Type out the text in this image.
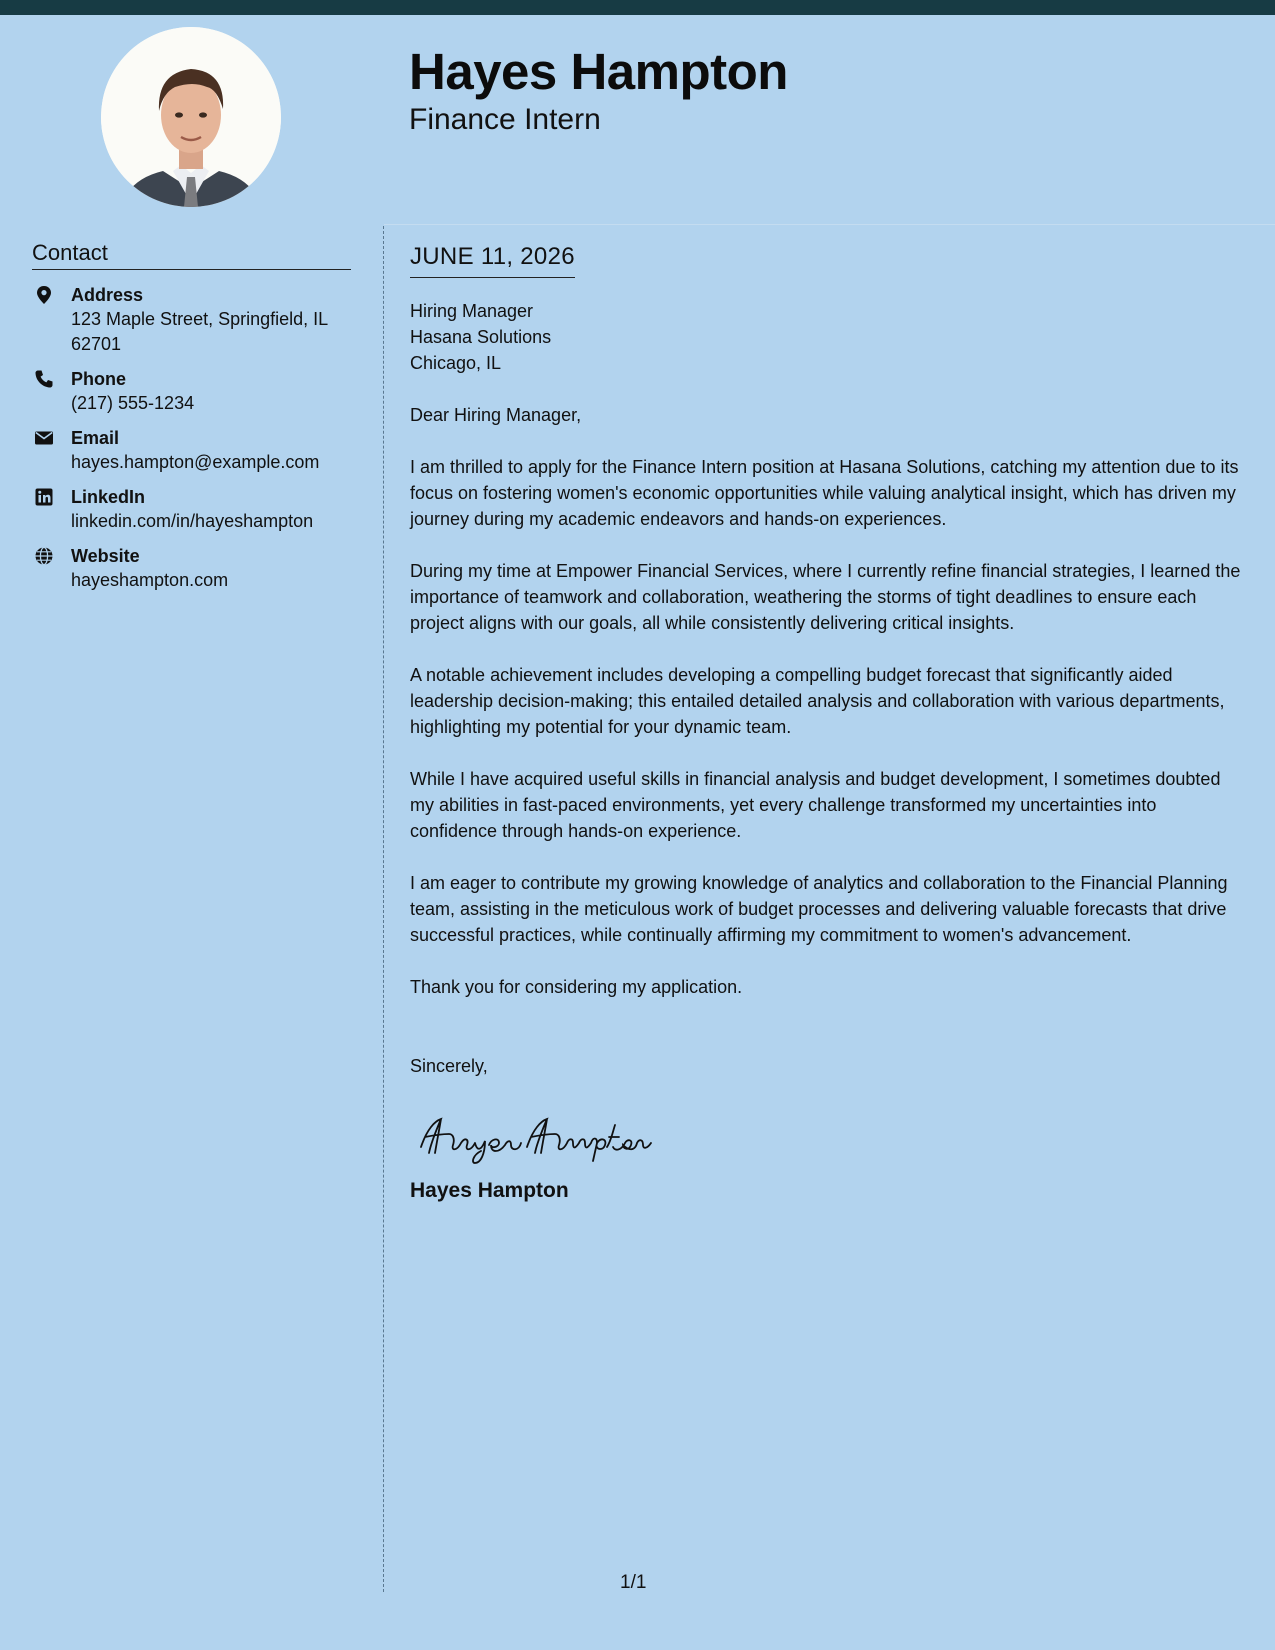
Hayes Hampton
Finance Intern
Contact
Address
123 Maple Street, Springfield, IL 62701
Phone
(217) 555-1234
Email
hayes.hampton@example.com
LinkedIn
linkedin.com/in/hayeshampton
Website
hayeshampton.com
JUNE 11, 2026
Hiring Manager
Hasana Solutions
Chicago, IL
Dear Hiring Manager,
I am thrilled to apply for the Finance Intern position at Hasana Solutions, catching my attention due to its focus on fostering women's economic opportunities while valuing analytical insight, which has driven my journey during my academic endeavors and hands-on experiences.
During my time at Empower Financial Services, where I currently refine financial strategies, I learned the importance of teamwork and collaboration, weathering the storms of tight deadlines to ensure each project aligns with our goals, all while consistently delivering critical insights.
A notable achievement includes developing a compelling budget forecast that significantly aided leadership decision-making; this entailed detailed analysis and collaboration with various departments, highlighting my potential for your dynamic team.
While I have acquired useful skills in financial analysis and budget development, I sometimes doubted my abilities in fast-paced environments, yet every challenge transformed my uncertainties into confidence through hands-on experience.
I am eager to contribute my growing knowledge of analytics and collaboration to the Financial Planning team, assisting in the meticulous work of budget processes and delivering valuable forecasts that drive successful practices, while continually affirming my commitment to women's advancement.
Thank you for considering my application.
Sincerely,
Hayes Hampton
1/1
